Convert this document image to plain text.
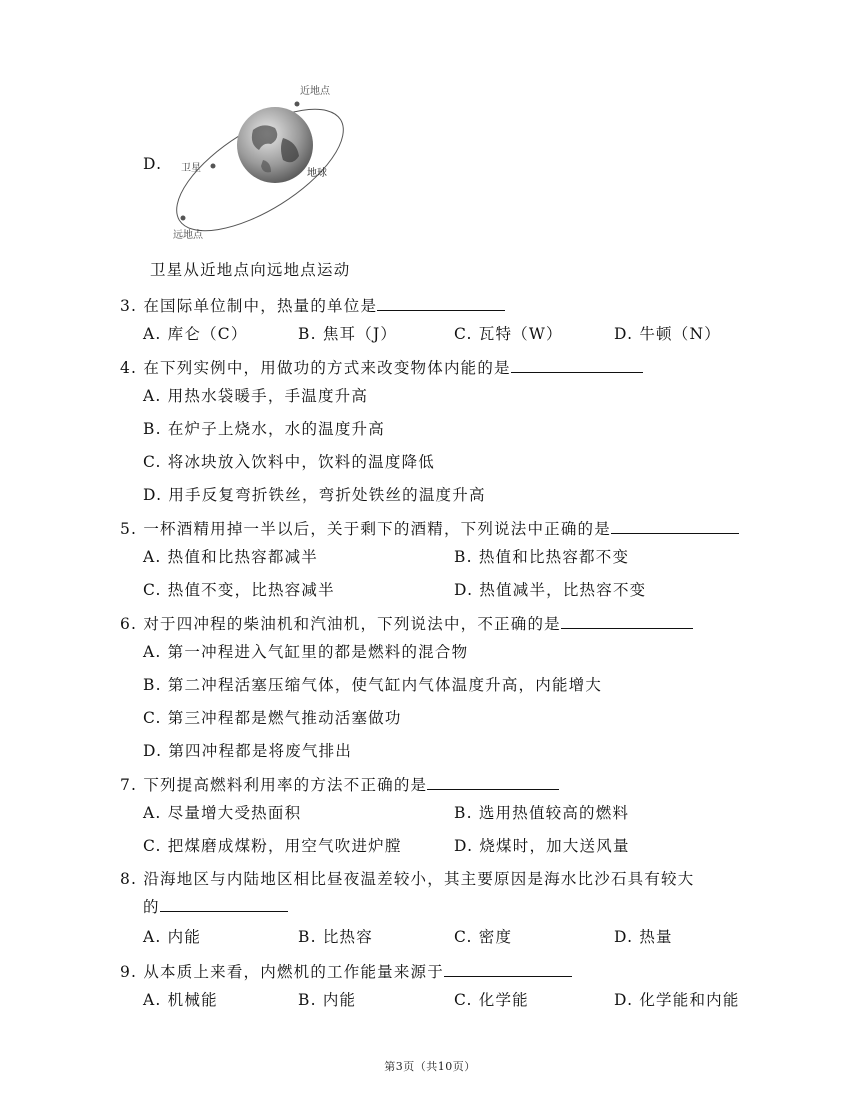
D.
近地点
卫星	地球
远地点
卫星从近地点向远地点运动
3. 在国际单位制中，热量的单位是
A. 库仑（C）	B. 焦耳（J）	C. 瓦特（W）	D. 牛顿（N）
4. 在下列实例中，用做功的方式来改变物体内能的是
A. 用热水袋暖手，手温度升高
B. 在炉子上烧水，水的温度升高
C. 将冰块放入饮料中，饮料的温度降低
D. 用手反复弯折铁丝，弯折处铁丝的温度升高
5. 一杯酒精用掉一半以后，关于剩下的酒精，下列说法中正确的是
A. 热值和比热容都减半	B. 热值和比热容都不变
C. 热值不变，比热容减半	D. 热值减半，比热容不变
6. 对于四冲程的柴油机和汽油机，下列说法中，不正确的是
A. 第一冲程进入气缸里的都是燃料的混合物
B. 第二冲程活塞压缩气体，使气缸内气体温度升高，内能增大
C. 第三冲程都是燃气推动活塞做功
D. 第四冲程都是将废气排出
7. 下列提高燃料利用率的方法不正确的是
A. 尽量增大受热面积	B. 选用热值较高的燃料
C. 把煤磨成煤粉，用空气吹进炉膛	D. 烧煤时，加大送风量
8. 沿海地区与内陆地区相比昼夜温差较小，其主要原因是海水比沙石具有较大
的
A. 内能	B. 比热容	C. 密度	D. 热量
9. 从本质上来看，内燃机的工作能量来源于
A. 机械能	B. 内能	C. 化学能	D. 化学能和内能
第3页（共10页）
